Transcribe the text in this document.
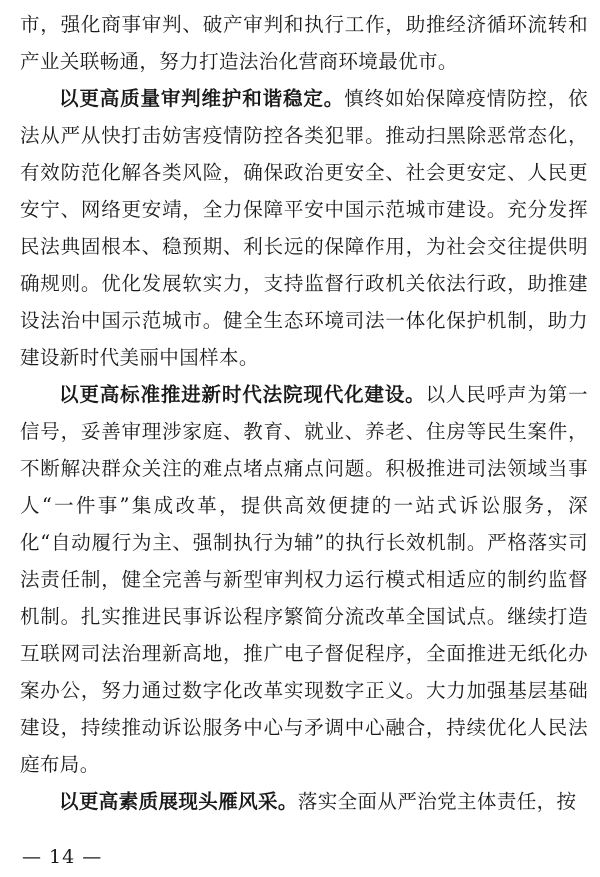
市，强化商事审判、破产审判和执行工作，助推经济循环流转和产业关联畅通，努力打造法治化营商环境最优市。

以更高质量审判维护和谐稳定。慎终如始保障疫情防控，依法从严从快打击妨害疫情防控各类犯罪。推动扫黑除恶常态化，有效防范化解各类风险，确保政治更安全、社会更安定、人民更安宁、网络更安靖，全力保障平安中国示范城市建设。充分发挥民法典固根本、稳预期、利长远的保障作用，为社会交往提供明确规则。优化发展软实力，支持监督行政机关依法行政，助推建设法治中国示范城市。健全生态环境司法一体化保护机制，助力建设新时代美丽中国样本。

以更高标准推进新时代法院现代化建设。以人民呼声为第一信号，妥善审理涉家庭、教育、就业、养老、住房等民生案件，不断解决群众关注的难点堵点痛点问题。积极推进司法领域当事人“一件事”集成改革，提供高效便捷的一站式诉讼服务，深化“自动履行为主、强制执行为辅”的执行长效机制。严格落实司法责任制，健全完善与新型审判权力运行模式相适应的制约监督机制。扎实推进民事诉讼程序繁简分流改革全国试点。继续打造互联网司法治理新高地，推广电子督促程序，全面推进无纸化办案办公，努力通过数字化改革实现数字正义。大力加强基层基础建设，持续推动诉讼服务中心与矛调中心融合，持续优化人民法庭布局。

以更高素质展现头雁风采。落实全面从严治党主体责任，按

— 14 —
